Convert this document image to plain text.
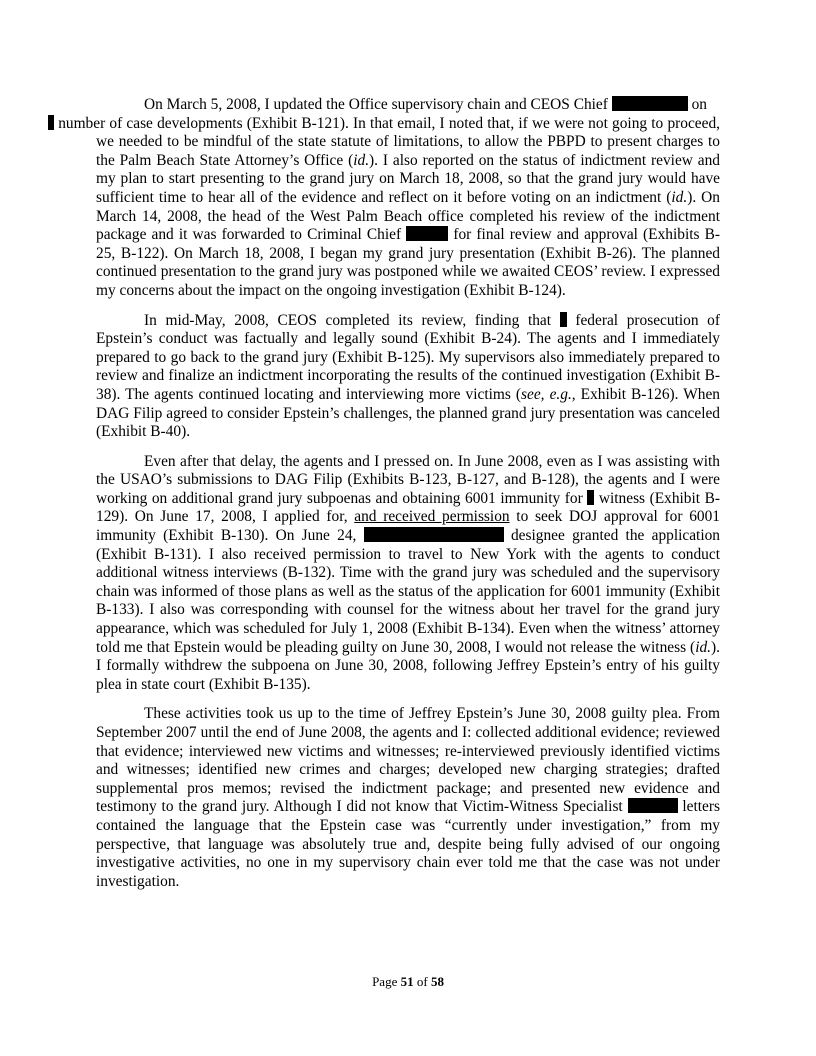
On March 5, 2008, I updated the Office supervisory chain and CEOS Chief	on
number of case developments (Exhibit B-121). In that email, I noted that, if we were not going to proceed, we needed to be mindful of the state statute of limitations, to allow the PBPD to present charges to the Palm Beach State Attorney’s Office (id.). I also reported on the status of indictment review and my plan to start presenting to the grand jury on March 18, 2008, so that the grand jury would have sufficient time to hear all of the evidence and reflect on it before voting on an indictment (id.). On March 14, 2008, the head of the West Palm Beach office completed his review of the indictment package and it was forwarded to Criminal Chief	for final review and approval (Exhibits B-25, B-122). On March 18, 2008, I began my grand jury presentation (Exhibit B-26). The planned continued presentation to the grand jury was postponed while we awaited CEOS’ review. I expressed my concerns about the impact on the ongoing investigation (Exhibit B-124).

In mid-May, 2008, CEOS completed its review, finding that  federal prosecution of Epstein’s conduct was factually and legally sound (Exhibit B-24). The agents and I immediately prepared to go back to the grand jury (Exhibit B-125). My supervisors also immediately prepared to review and finalize an indictment incorporating the results of the continued investigation (Exhibit B-38). The agents continued locating and interviewing more victims (see, e.g., Exhibit B-126). When DAG Filip agreed to consider Epstein’s challenges, the planned grand jury presentation was canceled (Exhibit B-40).

Even after that delay, the agents and I pressed on. In June 2008, even as I was assisting with the USAO’s submissions to DAG Filip (Exhibits B-123, B-127, and B-128), the agents and I were working on additional grand jury subpoenas and obtaining 6001 immunity for  witness (Exhibit B-129). On June 17, 2008, I applied for, and received permission to seek DOJ approval for 6001 immunity (Exhibit B-130). On June 24,	designee granted the application (Exhibit B-131). I also received permission to travel to New York with the agents to conduct additional witness interviews (B-132). Time with the grand jury was scheduled and the supervisory chain was informed of those plans as well as the status of the application for 6001 immunity (Exhibit B-133). I also was corresponding with counsel for the witness about her travel for the grand jury appearance, which was scheduled for July 1, 2008 (Exhibit B-134). Even when the witness’ attorney told me that Epstein would be pleading guilty on June 30, 2008, I would not release the witness (id.). I formally withdrew the subpoena on June 30, 2008, following Jeffrey Epstein’s entry of his guilty plea in state court (Exhibit B-135).

These activities took us up to the time of Jeffrey Epstein’s June 30, 2008 guilty plea. From September 2007 until the end of June 2008, the agents and I: collected additional evidence; reviewed that evidence; interviewed new victims and witnesses; re-interviewed previously identified victims and witnesses; identified new crimes and charges; developed new charging strategies; drafted supplemental pros memos; revised the indictment package; and presented new evidence and testimony to the grand jury. Although I did not know that Victim-Witness Specialist	letters contained the language that the Epstein case was “currently under investigation,” from my perspective, that language was absolutely true and, despite being fully advised of our ongoing investigative activities, no one in my supervisory chain ever told me that the case was not under investigation.

Page 51 of 58
